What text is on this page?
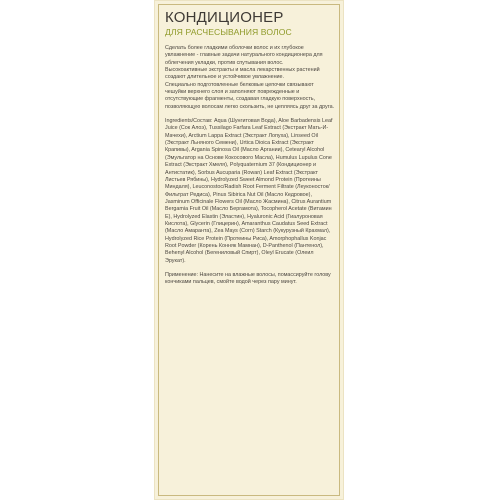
КОНДИЦИОНЕР
ДЛЯ РАСЧЕСЫВАНИЯ ВОЛОС

Сделать более гладкими оболочки волос и их глубокое увлажнение - главные задачи натурального кондиционера для облегчения укладки, против спутывания волос.
Высокоактивные экстракты и масла лекарственных растений создают длительное и устойчивое увлажнение.
Специально подготовленные белковые цепочки связывают чешуйки верхнего слоя и заполняют поврежденные и отсутствующие фрагменты, создавая гладкую поверхность, позволяющую волосам легко скользить, не цепляясь друг за друга.

Ingredients/Состав: Aqua (Шунгитовая Вода), Aloe Barbadensis Leaf Juice (Сок Алоэ), Tussilago Farfara Leaf Extract (Экстракт Мать-И-Мачехи), Arctium Lappa Extract (Экстракт Лопуха), Linseed Oil (Экстракт Льняного Семени), Urtica Dioica Extract (Экстракт Крапивы), Argania Spinosa Oil (Масло Аргании), Cetearyl Alcohol (Эмульгатор на Основе Кокосового Масла), Humulus Lupulus Cone Extract (Экстракт Хмеля), Polyquaternium 37 (Кондиционер и Антистатик), Sorbus Aucuparia (Rowan) Leaf Extract (Экстракт Листьев Рябины), Hydrolyzed Sweet Almond Protein (Протеины Миндаля), Leuconostoc/Radish Root Ferment Filtrate (Леуконосток/Фильтрат Редиса), Pinus Sibirica Nut Oil (Масло Кедровое), Jasminum Officinale Flowers Oil (Масло Жасмина), Citrus Aurantium Bergamia Fruit Oil (Масло Бергамота), Tocopherol Acetate (Витамин E), Hydrolyzed Elastin (Эластин), Hyaluronic Acid (Гиалуроновая Кислота), Glycerin (Глицерин), Amaranthus Caudatus Seed Extract (Масло Амаранта), Zea Mays (Corn) Starch (Кукурузный Крахмал), Hydrolyzed Rice Protein (Протеины Риса), Amorphophallus Konjac Root Powder (Корень Конняк Мамнан), D-Panthenol (Пантенол), Behenyl Alcohol (Бегениловый Спирт), Oleyl Erucate (Олеил Эрукат).

Применение: Нанесите на влажные волосы, помассируйте голову кончиками пальцев, смойте водой через пару минут.
